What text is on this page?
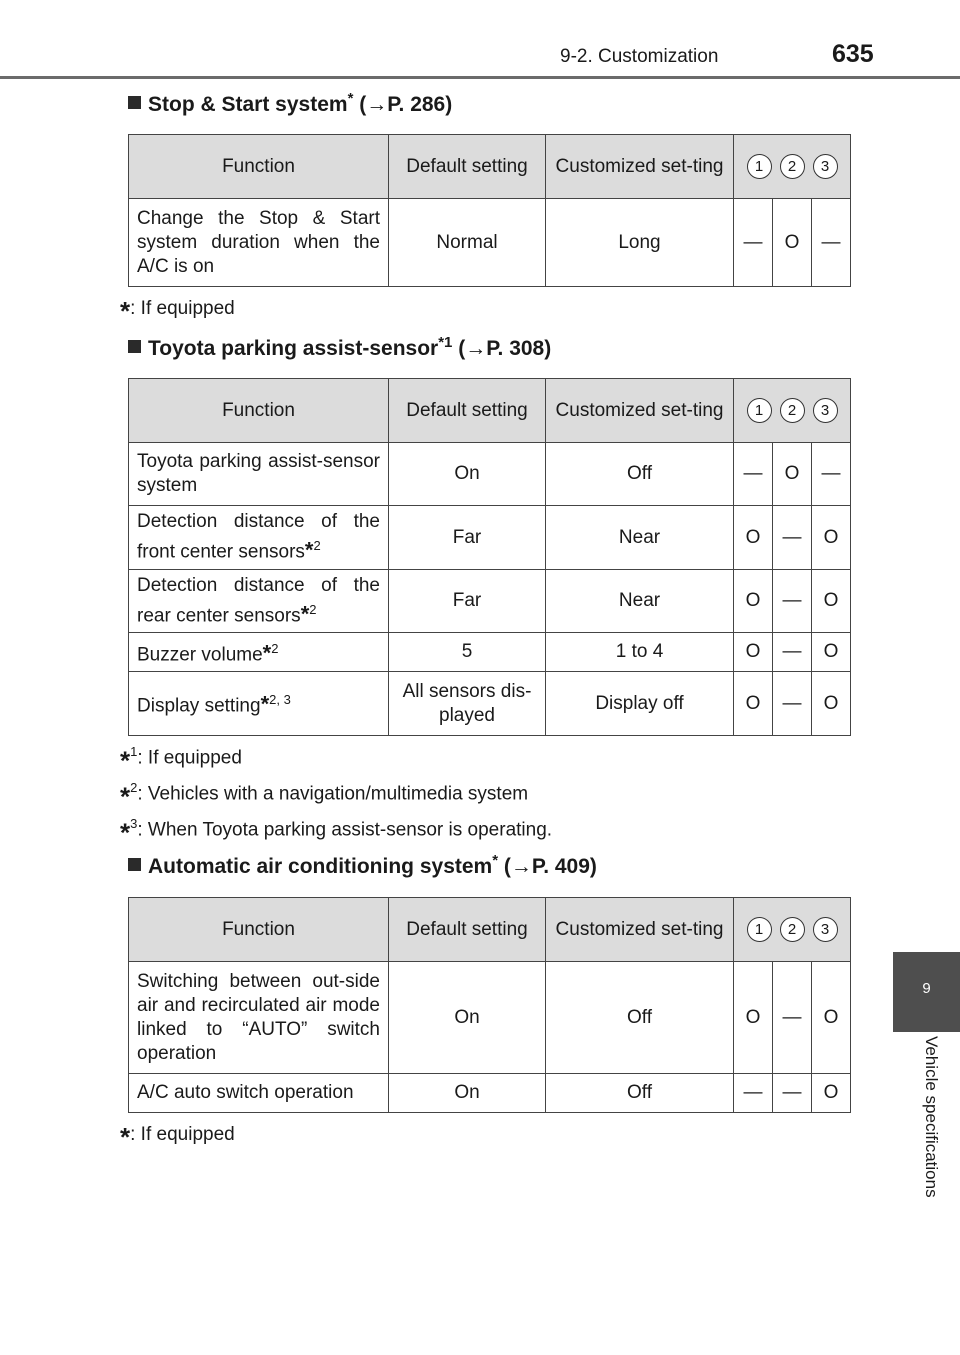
9-2. Customization	635
9
Vehicle specifications
Stop & Start system* (→P. 286)
Function	Default setting	Customized set-ting	1 2 3		
Change the Stop & Start system duration when the A/C is on	Normal	Long	—	O	—
*: If equipped
Toyota parking assist-sensor$^{*1}$ (→P. 308)
Function	Default setting	Customized set-ting	1 2 3		
Toyota parking assist-sensor system	On	Off	—	O	—
Detection distance of the front center sensors*$^2$	Far	Near	O	—	O
Detection distance of the rear center sensors*$^2$	Far	Near	O	—	O
Buzzer volume*$^2$	5	1 to 4	O	—	O
Display setting*$^{2, 3}$	All sensors dis-played	Display off	O	—	O
*$^1$: If equipped
*$^2$: Vehicles with a navigation/multimedia system
*$^3$: When Toyota parking assist-sensor is operating.
Automatic air conditioning system* (→P. 409)
Function	Default setting	Customized set-ting	1 2 3		
Switching between out-side air and recirculated air mode linked to “AUTO” switch operation	On	Off	O	—	O
A/C auto switch operation	On	Off	—	—	O
*: If equipped
